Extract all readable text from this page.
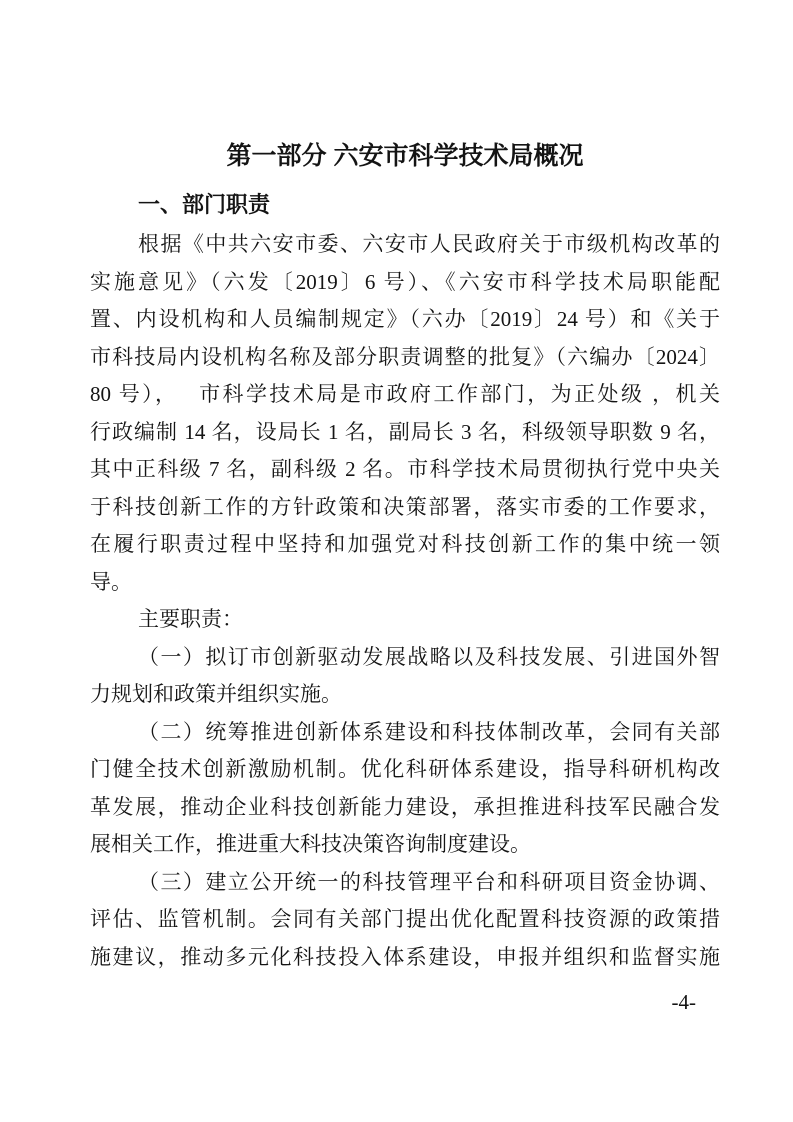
第一部分 六安市科学技术局概况
一、部门职责
根据《中共六安市委、六安市人民政府关于市级机构改革的
实施意见》（六发〔2019〕6 号）、《六安市科学技术局职能配
置、内设机构和人员编制规定》（六办〔2019〕24 号）和《关于
市科技局内设机构名称及部分职责调整的批复》（六编办〔2024〕
80 号），　 市科学技术局是市政府工作部门，为正处级 ，机关
行政编制 14 名，设局长 1 名，副局长 3 名，科级领导职数 9 名，
其中正科级 7 名，副科级 2 名。市科学技术局贯彻执行党中央关
于科技创新工作的方针政策和决策部署，落实市委的工作要求，
在履行职责过程中坚持和加强党对科技创新工作的集中统一领
导。
主要职责：
（一）拟订市创新驱动发展战略以及科技发展、引进国外智
力规划和政策并组织实施。
（二）统筹推进创新体系建设和科技体制改革，会同有关部
门健全技术创新激励机制。优化科研体系建设，指导科研机构改
革发展，推动企业科技创新能力建设，承担推进科技军民融合发
展相关工作，推进重大科技决策咨询制度建设。
（三）建立公开统一的科技管理平台和科研项目资金协调、
评估、监管机制。会同有关部门提出优化配置科技资源的政策措
施建议，推动多元化科技投入体系建设，申报并组织和监督实施
-4-
